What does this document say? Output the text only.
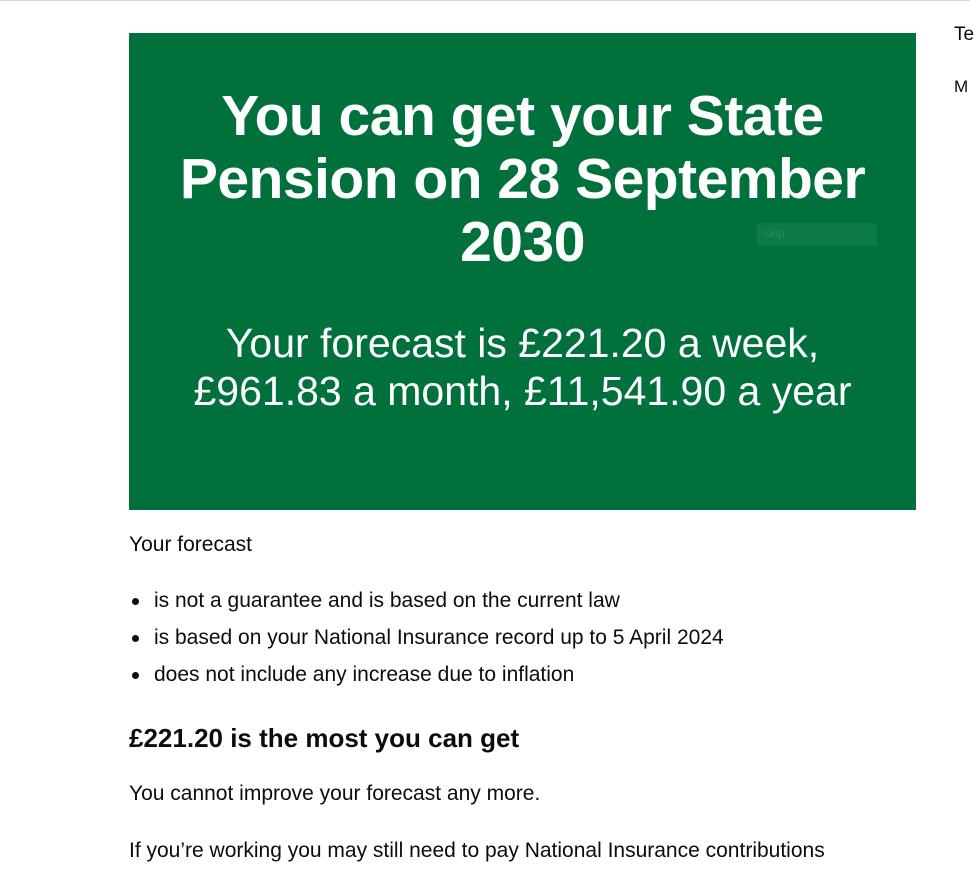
You can get your State Pension on 28 September 2030	Skip

Your forecast is £221.20 a week,
£961.83 a month, £11,541.90 a year

Te
M

Your forecast

is not a guarantee and is based on the current law
is based on your National Insurance record up to 5 April 2024
does not include any increase due to inflation
£221.20 is the most you can get

You cannot improve your forecast any more.

If you’re working you may still need to pay National Insurance contributions
